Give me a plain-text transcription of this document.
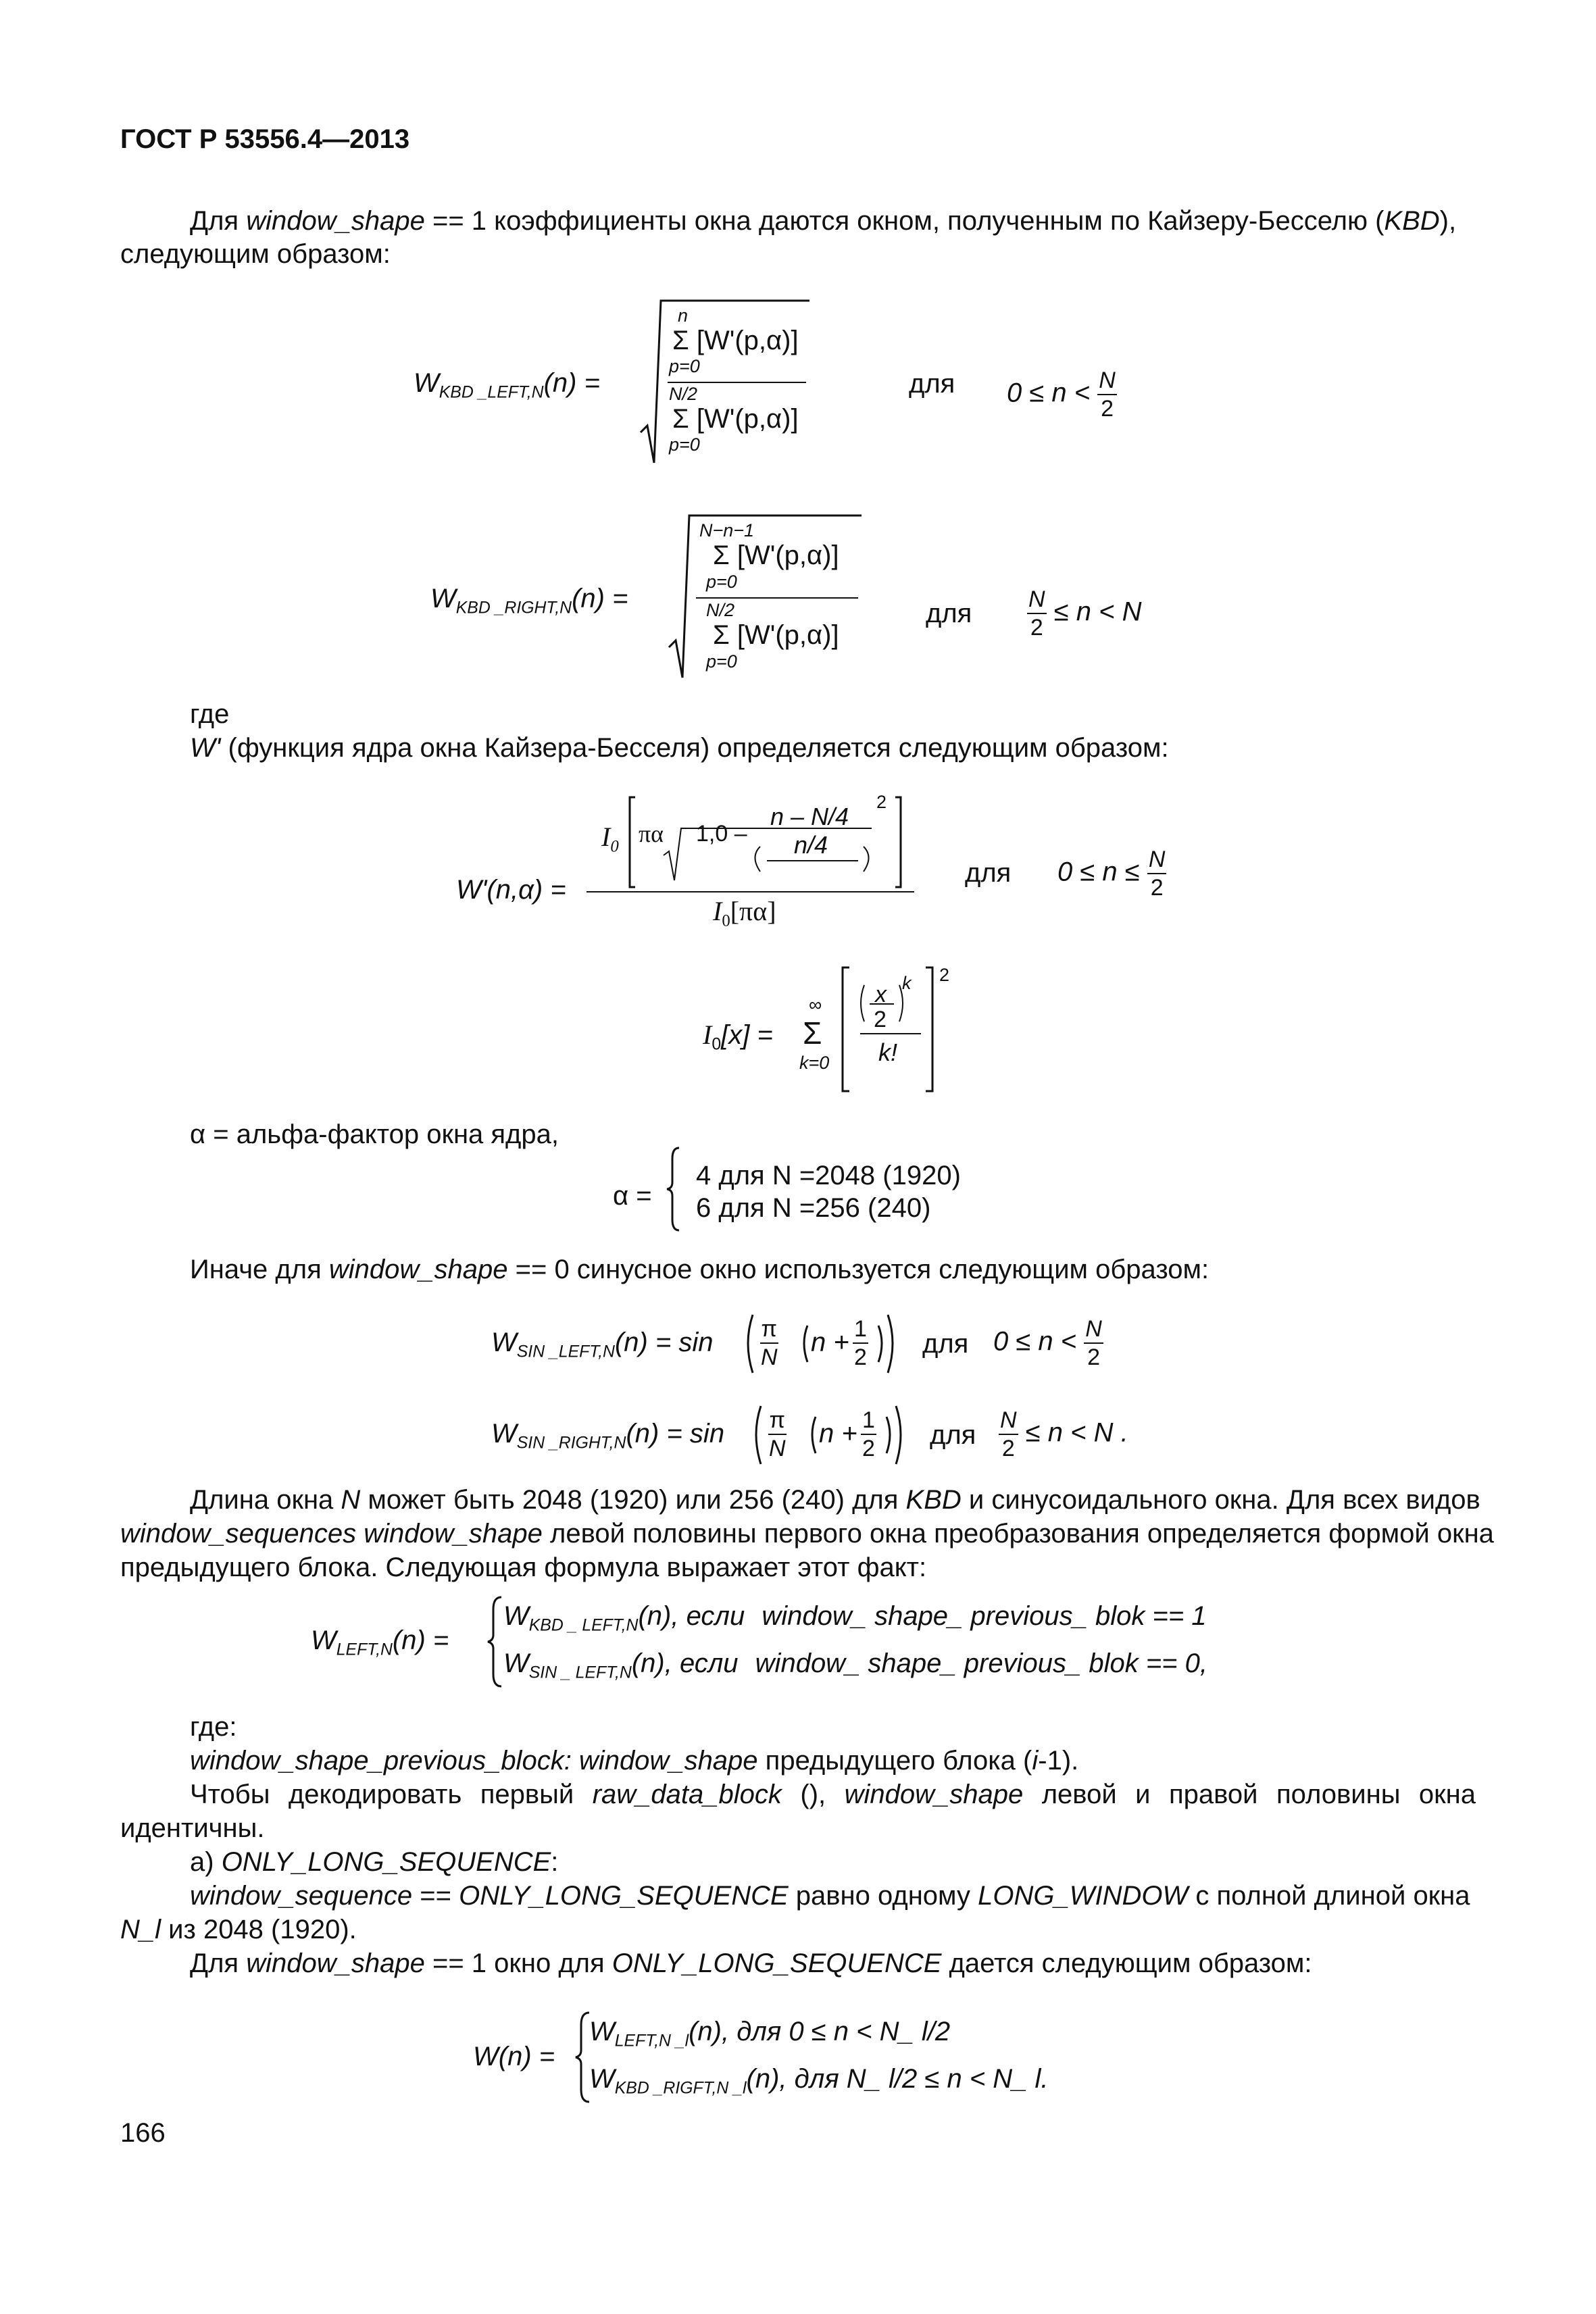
ГОСТ Р 53556.4—2013
Для window_shape == 1 коэффициенты окна даются окном, полученным по Кайзеру-Бесселю (KBD),
следующим образом:
$W_{KBD \_LEFT,N}(n)$ =
n
Σ [W'(p,α)]
p=0
N/2
Σ [W'(p,α)]
p=0
для $0 \le n < \frac{N}{2}$
$W_{KBD \_RIGHT,N}(n)$ =
N−n−1
Σ [W'(p,α)]
p=0
N/2
Σ [W'(p,α)]
p=0
для $\frac{N}{2} \le n < N$
где
W' (функция ядра окна Кайзера-Бесселя) определяется следующим образом:
W'(n,α) =
$I_0$ πα 1,0 –
n – N/4
n/4
2
$I_0[\pi\alpha]$
для $0 \le n \le \frac{N}{2}$
$I_0[x]$ =
∞
Σ
k=0
x
2
k
k!
2
α = альфа-фактор окна ядра,
α =
4 для N =2048 (1920)
6 для N =256 (240)
Иначе для window_shape == 0 синусное окно используется следующим образом:
$W_{SIN \_LEFT,N}(n) = \sin \frac{\pi}{N}$ $n + \frac{1}{2}$ для $0 \le n < \frac{N}{2}$
$W_{SIN \_RIGHT,N}(n) = \sin \frac{\pi}{N}$ $n + \frac{1}{2}$ для $\frac{N}{2} \le n < N$ .
Длина окна N может быть 2048 (1920) или 256 (240) для KBD и синусоидального окна. Для всех видов
window_sequences window_shape левой половины первого окна преобразования определяется формой окна
предыдущего блока. Следующая формула выражает этот факт:
$W_{LEFT,N}(n)$ =
$W_{KBD \_ LEFT,N}(n)$, если window_ shape_ previous_ blok == 1
$W_{SIN \_ LEFT,N}(n)$, если window_ shape_ previous_ blok == 0,
где:
window_shape_previous_block: window_shape предыдущего блока (i-1).
Чтобы декодировать первый raw_data_block (), window_shape левой и правой половины окна
идентичны.
а) ONLY_LONG_SEQUENCE:
window_sequence == ONLY_LONG_SEQUENCE равно одному LONG_WINDOW с полной длиной окна
N_l из 2048 (1920).
Для window_shape == 1 окно для ONLY_LONG_SEQUENCE дается следующим образом:
W(n) =
$W_{LEFT,N \_l}(n)$, для 0 ≤ n < N_ l/2
$W_{KBD \_RIGFT,N \_l}(n)$, для N_ l/2 ≤ n < N_ l.
166
